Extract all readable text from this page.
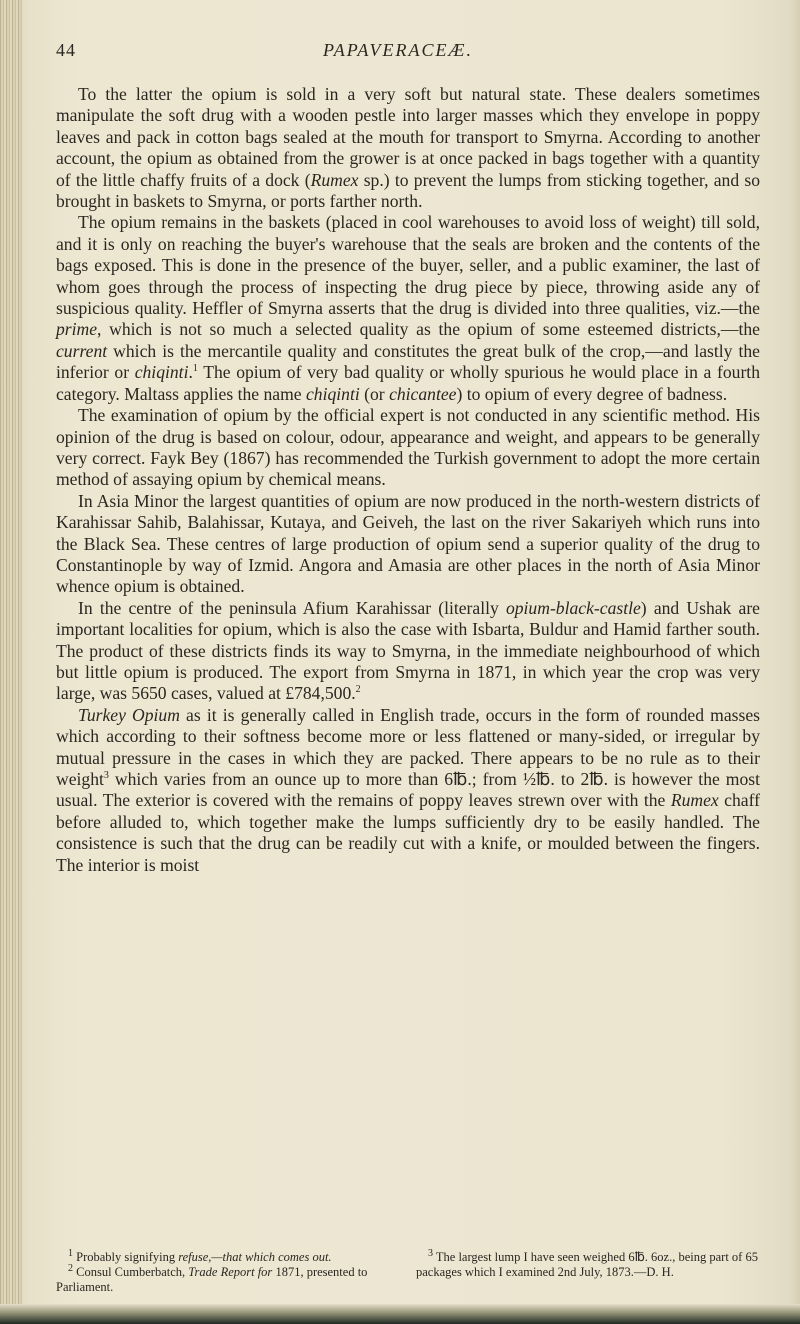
44	PAPAVERACEÆ.

To the latter the opium is sold in a very soft but natural state. These dealers sometimes manipulate the soft drug with a wooden pestle into larger masses which they envelope in poppy leaves and pack in cotton bags sealed at the mouth for transport to Smyrna. According to another account, the opium as obtained from the grower is at once packed in bags together with a quantity of the little chaffy fruits of a dock (Rumex sp.) to prevent the lumps from sticking together, and so brought in baskets to Smyrna, or ports farther north.

The opium remains in the baskets (placed in cool warehouses to avoid loss of weight) till sold, and it is only on reaching the buyer's warehouse that the seals are broken and the contents of the bags exposed. This is done in the presence of the buyer, seller, and a public examiner, the last of whom goes through the process of inspecting the drug piece by piece, throwing aside any of suspicious quality. Heffler of Smyrna asserts that the drug is divided into three qualities, viz.—the prime, which is not so much a selected quality as the opium of some esteemed districts,—the current which is the mercantile quality and constitutes the great bulk of the crop,—and lastly the inferior or chiqinti.$^1$ The opium of very bad quality or wholly spurious he would place in a fourth category. Maltass applies the name chiqinti (or chicantee) to opium of every degree of badness.

The examination of opium by the official expert is not conducted in any scientific method. His opinion of the drug is based on colour, odour, appearance and weight, and appears to be generally very correct. Fayk Bey (1867) has recommended the Turkish government to adopt the more certain method of assaying opium by chemical means.

In Asia Minor the largest quantities of opium are now produced in the north-western districts of Karahissar Sahib, Balahissar, Kutaya, and Geiveh, the last on the river Sakariyeh which runs into the Black Sea. These centres of large production of opium send a superior quality of the drug to Constantinople by way of Izmid. Angora and Amasia are other places in the north of Asia Minor whence opium is obtained.

In the centre of the peninsula Afium Karahissar (literally opium-black-castle) and Ushak are important localities for opium, which is also the case with Isbarta, Buldur and Hamid farther south. The product of these districts finds its way to Smyrna, in the immediate neighbourhood of which but little opium is produced. The export from Smyrna in 1871, in which year the crop was very large, was 5650 cases, valued at £784,500.$^2$

Turkey Opium as it is generally called in English trade, occurs in the form of rounded masses which according to their softness become more or less flattened or many-sided, or irregular by mutual pressure in the cases in which they are packed. There appears to be no rule as to their weight$^3$ which varies from an ounce up to more than 6℔.; from ½℔. to 2℔. is however the most usual. The exterior is covered with the remains of poppy leaves strewn over with the Rumex chaff before alluded to, which together make the lumps sufficiently dry to be easily handled. The consistence is such that the drug can be readily cut with a knife, or moulded between the fingers. The interior is moist

$^1$ Probably signifying refuse,—that which comes out.

$^2$ Consul Cumberbatch, Trade Report for 1871, presented to Parliament.

$^3$ The largest lump I have seen weighed 6℔. 6oz., being part of 65 packages which I examined 2nd July, 1873.—D. H.
